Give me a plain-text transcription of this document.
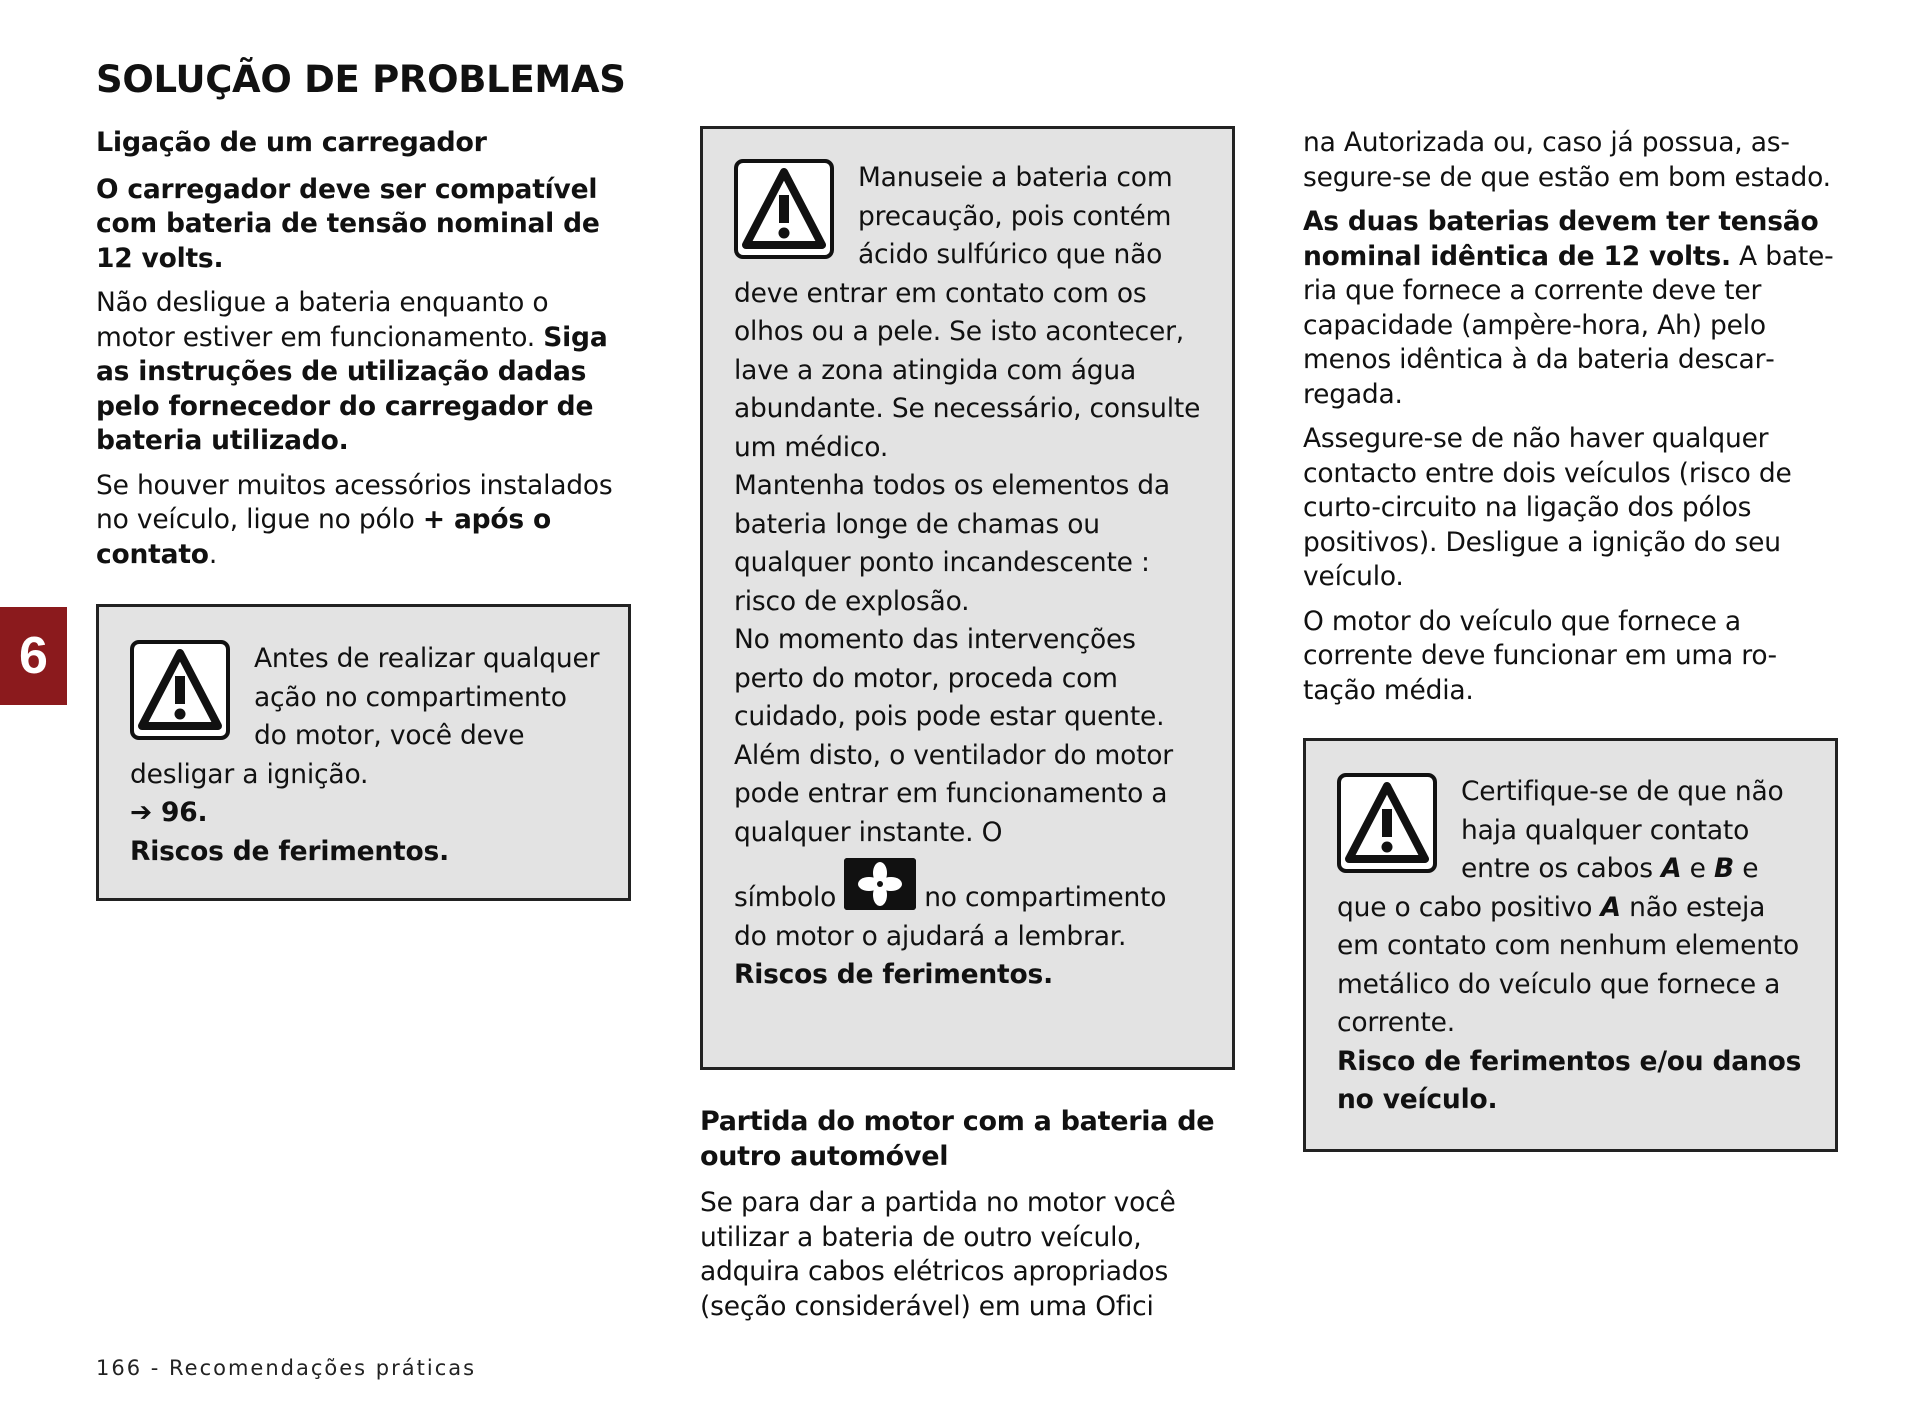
SOLUÇÃO DE PROBLEMAS
6
Ligação de um carregador

O carregador deve ser compatível com bateria de tensão nominal de 12 volts.

Não desligue a bateria enquanto o motor estiver em funcionamento. Siga as instruções de utilização dadas pelo fornecedor do carregador de bateria utilizado.

Se houver muitos acessórios instalados no veículo, ligue no pólo + após o contato.

Antes de realizar qualquer ação no compartimento do motor, você deve desligar a ignição.

➔ 96.

Riscos de ferimentos.

Manuseie a bateria com precaução, pois contém ácido sulfúrico que não deve entrar em contato com os olhos ou a pele. Se isto acontecer, lave a zona atingida com água abundante. Se necessário, consulte um médico.

Mantenha todos os elementos da bateria longe de chamas ou qualquer ponto incandescente : risco de explosão.

No momento das intervenções perto do motor, proceda com cuidado, pois pode estar quente. Além disto, o ventilador do motor pode entrar em funcionamento a qualquer instante. O

símbolo	no compartimento do motor o ajudará a lembrar.

Riscos de ferimentos.

Partida do motor com a bateria de outro automóvel

Se para dar a partida no motor você utilizar a bateria de outro veículo, adquira cabos elétricos apropriados (seção considerável) em uma Ofici

na Autorizada ou, caso já possua, assegure-se de que estão em bom estado.

As duas baterias devem ter tensão nominal idêntica de 12 volts. A bateria que fornece a corrente deve ter capacidade (ampère-hora, Ah) pelo menos idêntica à da bateria descarregada.

Assegure-se de não haver qualquer contacto entre dois veículos (risco de curto-circuito na ligação dos pólos positivos). Desligue a ignição do seu veículo.

O motor do veículo que fornece a corrente deve funcionar em uma rotação média.

Certifique-se de que não haja qualquer contato entre os cabos A e B e que o cabo positivo A não esteja em contato com nenhum elemento metálico do veículo que fornece a corrente.

Risco de ferimentos e/ou danos no veículo.

166 - Recomendações práticas
